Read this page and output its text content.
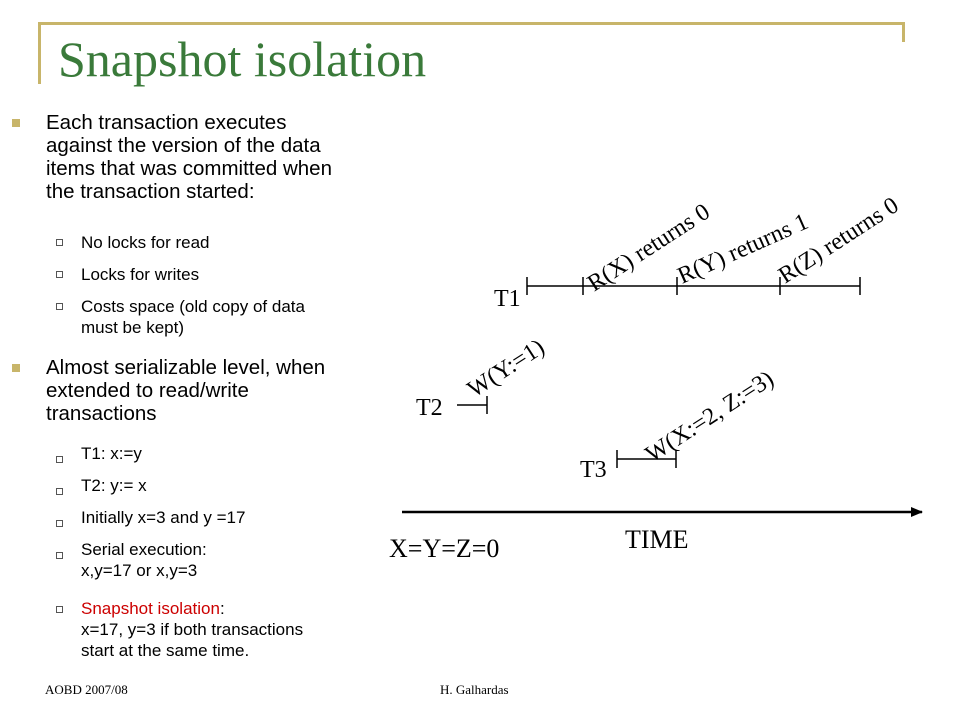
Snapshot isolation
Each transaction executes
against the version of the data
items that was committed when
the transaction started:
No locks for read
Locks for writes
Costs space (old copy of data
must be kept)
Almost serializable level, when
extended to read/write
transactions
T1: x:=y
T2: y:= x
Initially x=3 and y =17
Serial execution:
x,y=17 or x,y=3
Snapshot isolation:
x=17, y=3 if both transactions
start at the same time.
T1
R(X) returns 0
R(Y) returns 1
R(Z) returns 0
T2
W(Y:=1)
T3
W(X:=2, Z:=3)
X=Y=Z=0	TIME
AOBD 2007/08	H. Galhardas
